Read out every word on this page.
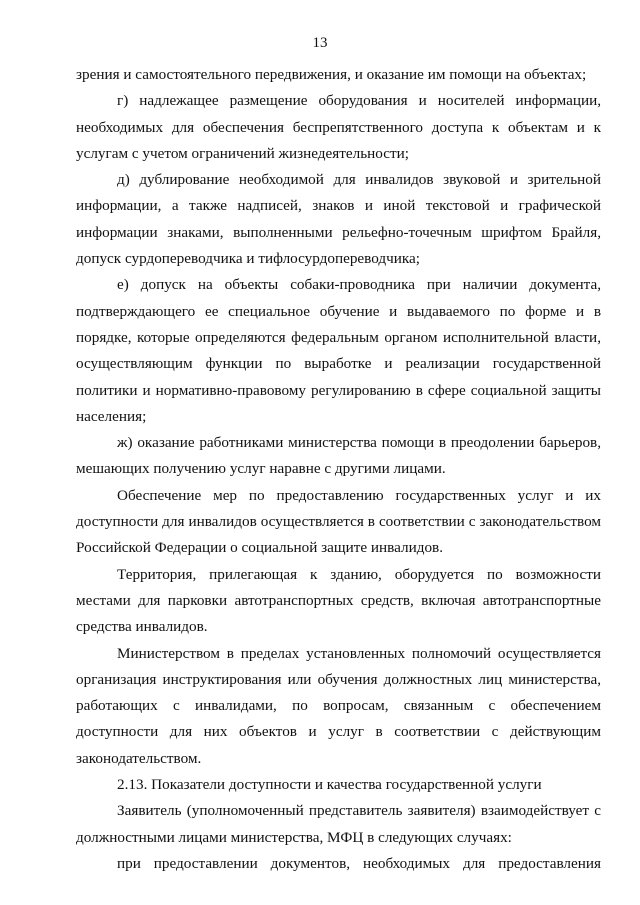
13

зрения и самостоятельного передвижения, и оказание им помощи на объектах;

г) надлежащее размещение оборудования и носителей информации, необходимых для обеспечения беспрепятственного доступа к объектам и к услугам с учетом ограничений жизнедеятельности;

д) дублирование необходимой для инвалидов звуковой и зрительной информации, а также надписей, знаков и иной текстовой и графической информации знаками, выполненными рельефно-точечным шрифтом Брайля, допуск сурдопереводчика и тифлосурдопереводчика;

е) допуск на объекты собаки-проводника при наличии документа, подтверждающего ее специальное обучение и выдаваемого по форме и в порядке, которые определяются федеральным органом исполнительной власти, осуществляющим функции по выработке и реализации государственной политики и нормативно-правовому регулированию в сфере социальной защиты населения;

ж) оказание работниками министерства помощи в преодолении барьеров, мешающих получению услуг наравне с другими лицами.

Обеспечение мер по предоставлению государственных услуг и их доступности для инвалидов осуществляется в соответствии с законодательством Российской Федерации о социальной защите инвалидов.

Территория, прилегающая к зданию, оборудуется по возможности местами для парковки автотранспортных средств, включая автотранспортные средства инвалидов.

Министерством в пределах установленных полномочий осуществляется организация инструктирования или обучения должностных лиц министерства, работающих с инвалидами, по вопросам, связанным с обеспечением доступности для них объектов и услуг в соответствии с действующим законодательством.

2.13. Показатели доступности и качества государственной услуги

Заявитель (уполномоченный представитель заявителя) взаимодействует с должностными лицами министерства, МФЦ в следующих случаях:

при предоставлении документов, необходимых для предоставления
